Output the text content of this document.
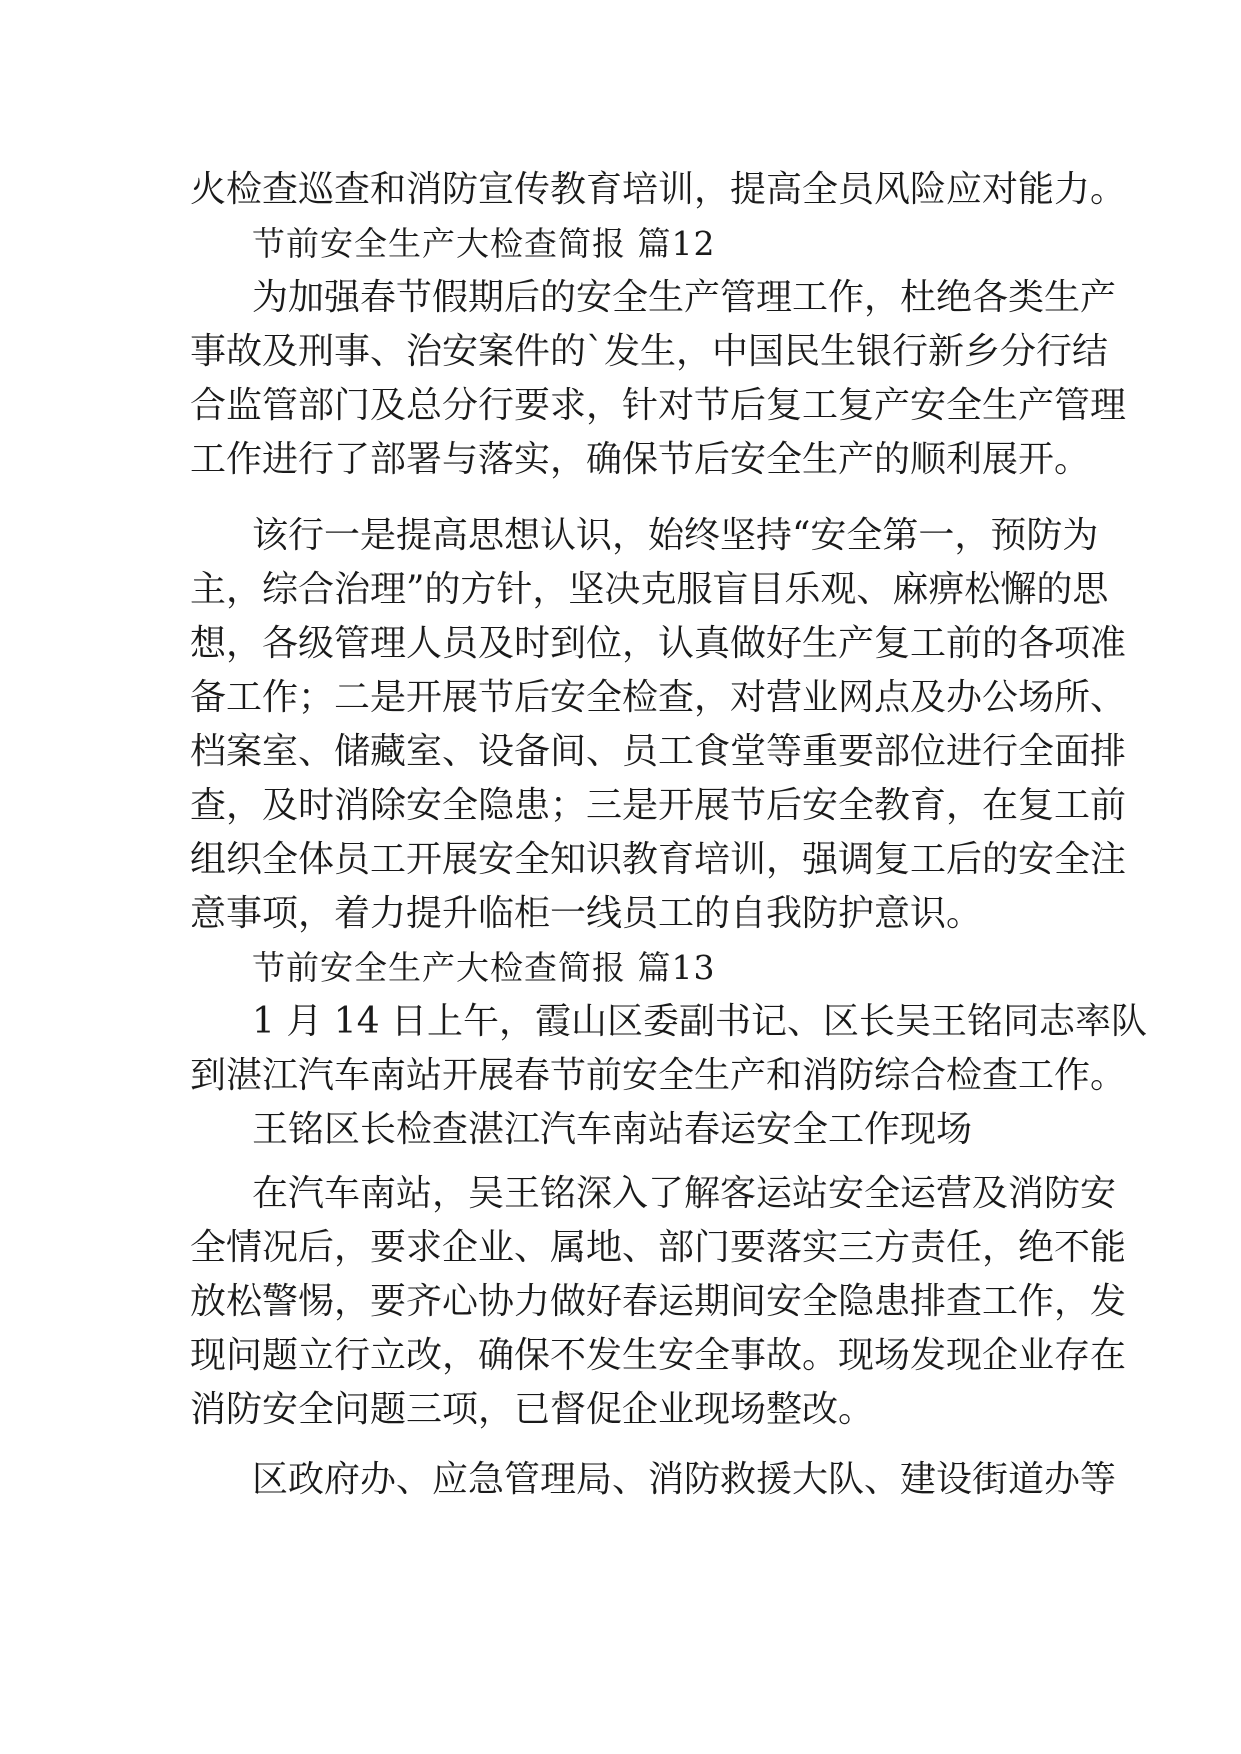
火检查巡查和消防宣传教育培训，提高全员风险应对能力。
节前安全生产大检查简报 篇12
为加强春节假期后的安全生产管理工作，杜绝各类生产
事故及刑事、治安案件的`发生，中国民生银行新乡分行结
合监管部门及总分行要求，针对节后复工复产安全生产管理
工作进行了部署与落实，确保节后安全生产的顺利展开。
该行一是提高思想认识，始终坚持“安全第一，预防为
主，综合治理”的方针，坚决克服盲目乐观、麻痹松懈的思
想，各级管理人员及时到位，认真做好生产复工前的各项准
备工作；二是开展节后安全检查，对营业网点及办公场所、
档案室、储藏室、设备间、员工食堂等重要部位进行全面排
查，及时消除安全隐患；三是开展节后安全教育，在复工前
组织全体员工开展安全知识教育培训，强调复工后的安全注
意事项，着力提升临柜一线员工的自我防护意识。
节前安全生产大检查简报 篇13
1 月 14 日上午，霞山区委副书记、区长吴王铭同志率队
到湛江汽车南站开展春节前安全生产和消防综合检查工作。
王铭区长检查湛江汽车南站春运安全工作现场
在汽车南站，吴王铭深入了解客运站安全运营及消防安
全情况后，要求企业、属地、部门要落实三方责任，绝不能
放松警惕，要齐心协力做好春运期间安全隐患排查工作，发
现问题立行立改，确保不发生安全事故。现场发现企业存在
消防安全问题三项，已督促企业现场整改。
区政府办、应急管理局、消防救援大队、建设街道办等
